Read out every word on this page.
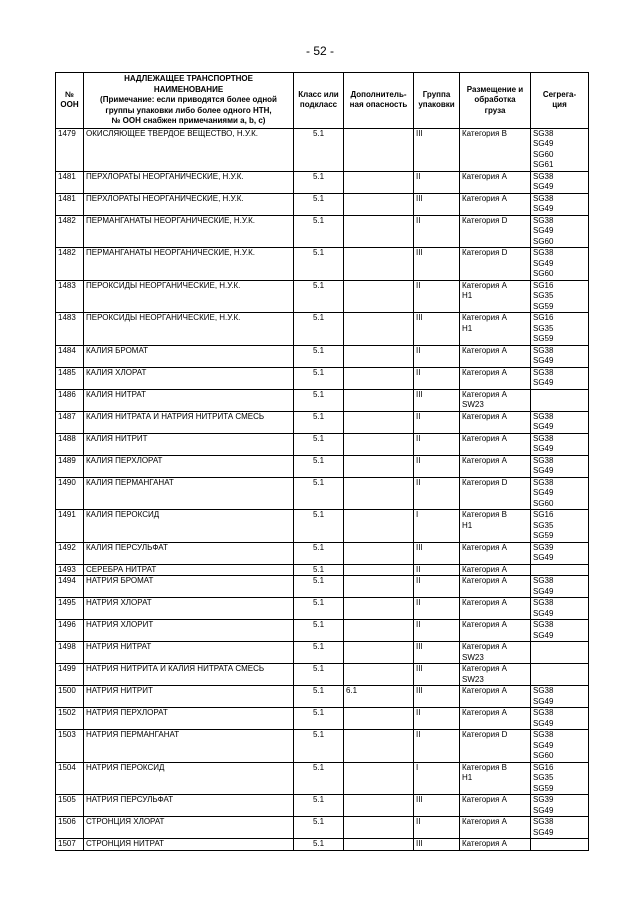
- 52 -
№
ООН	НАДЛЕЖАЩЕЕ ТРАНСПОРТНОЕ
НАИМЕНОВАНИЕ
(Примечание: если приводятся более одной
группы упаковки либо более одного НТН,
№ ООН снабжен примечаниями a, b, c)	Класс или
подкласс	Дополнитель-
ная опасность	Группа
упаковки	Размещение и
обработка
груза	Сегрега-
ция
1479	ОКИСЛЯЮЩЕЕ ТВЕРДОЕ ВЕЩЕСТВО, Н.У.К.	5.1		III	Категория B	SG38
SG49
SG60
SG61
1481	ПЕРХЛОРАТЫ НЕОРГАНИЧЕСКИЕ, Н.У.К.	5.1		II	Категория A	SG38
SG49
1481	ПЕРХЛОРАТЫ НЕОРГАНИЧЕСКИЕ, Н.У.К.	5.1		III	Категория A	SG38
SG49
1482	ПЕРМАНГАНАТЫ НЕОРГАНИЧЕСКИЕ, Н.У.К.	5.1		II	Категория D	SG38
SG49
SG60
1482	ПЕРМАНГАНАТЫ НЕОРГАНИЧЕСКИЕ, Н.У.К.	5.1		III	Категория D	SG38
SG49
SG60
1483	ПЕРОКСИДЫ НЕОРГАНИЧЕСКИЕ, Н.У.К.	5.1		II	Категория A
H1	SG16
SG35
SG59
1483	ПЕРОКСИДЫ НЕОРГАНИЧЕСКИЕ, Н.У.К.	5.1		III	Категория A
H1	SG16
SG35
SG59
1484	КАЛИЯ БРОМАТ	5.1		II	Категория A	SG38
SG49
1485	КАЛИЯ ХЛОРАТ	5.1		II	Категория A	SG38
SG49
1486	КАЛИЯ НИТРАТ	5.1		III	Категория A
SW23	
1487	КАЛИЯ НИТРАТА И НАТРИЯ НИТРИТА СМЕСЬ	5.1		II	Категория A	SG38
SG49
1488	КАЛИЯ НИТРИТ	5.1		II	Категория A	SG38
SG49
1489	КАЛИЯ ПЕРХЛОРАТ	5.1		II	Категория A	SG38
SG49
1490	КАЛИЯ ПЕРМАНГАНАТ	5.1		II	Категория D	SG38
SG49
SG60
1491	КАЛИЯ ПЕРОКСИД	5.1		I	Категория B
H1	SG16
SG35
SG59
1492	КАЛИЯ ПЕРСУЛЬФАТ	5.1		III	Категория A	SG39
SG49
1493	СЕРЕБРА НИТРАТ	5.1		II	Категория A	
1494	НАТРИЯ БРОМАТ	5.1		II	Категория A	SG38
SG49
1495	НАТРИЯ ХЛОРАТ	5.1		II	Категория A	SG38
SG49
1496	НАТРИЯ ХЛОРИТ	5.1		II	Категория A	SG38
SG49
1498	НАТРИЯ НИТРАТ	5.1		III	Категория A
SW23	
1499	НАТРИЯ НИТРИТА И КАЛИЯ НИТРАТА СМЕСЬ	5.1		III	Категория A
SW23	
1500	НАТРИЯ НИТРИТ	5.1	6.1	III	Категория A	SG38
SG49
1502	НАТРИЯ ПЕРХЛОРАТ	5.1		II	Категория A	SG38
SG49
1503	НАТРИЯ ПЕРМАНГАНАТ	5.1		II	Категория D	SG38
SG49
SG60
1504	НАТРИЯ ПЕРОКСИД	5.1		I	Категория B
H1	SG16
SG35
SG59
1505	НАТРИЯ ПЕРСУЛЬФАТ	5.1		III	Категория A	SG39
SG49
1506	СТРОНЦИЯ ХЛОРАТ	5.1		II	Категория A	SG38
SG49
1507	СТРОНЦИЯ НИТРАТ	5.1		III	Категория A	
